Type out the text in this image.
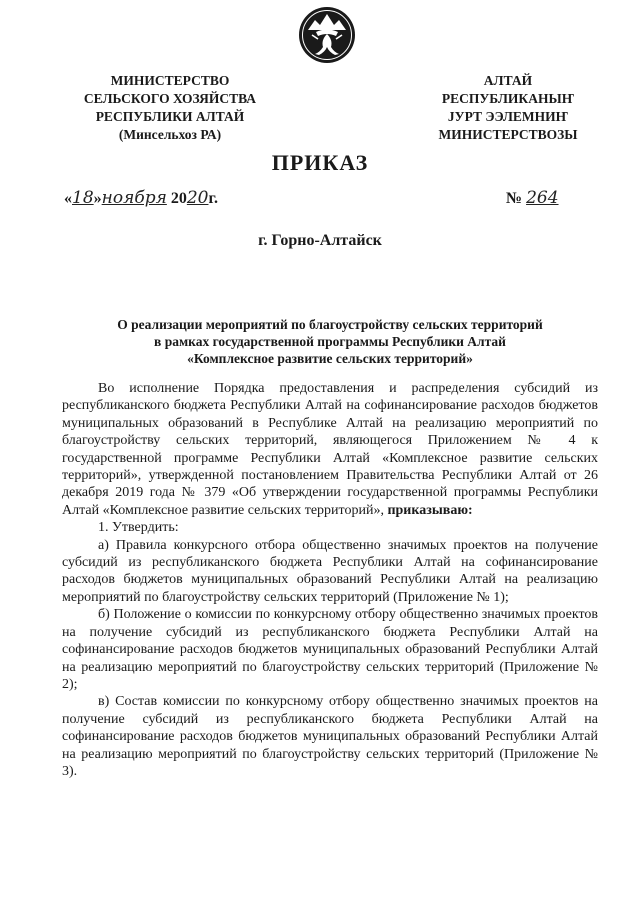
МИНИСТЕРСТВО
СЕЛЬСКОГО ХОЗЯЙСТВА
РЕСПУБЛИКИ АЛТАЙ
(Минсельхоз РА)
АЛТАЙ
РЕСПУБЛИКАНЫҤ
ЈУРТ ЭЭЛЕМНИҤ
МИНИСТЕРСТВОЗЫ
ПРИКАЗ
«18»ноября 2020г.	№ 264
г. Горно-Алтайск
О реализации мероприятий по благоустройству сельских территорий
в рамках государственной программы Республики Алтай
«Комплексное развитие сельских территорий»

Во исполнение Порядка предоставления и распределения субсидий из республиканского бюджета Республики Алтай на софинансирование расходов бюджетов муниципальных образований в Республике Алтай на реализацию мероприятий по благоустройству сельских территорий, являющегося Приложением № 4 к государственной программе Республики Алтай «Комплексное развитие сельских территорий», утвержденной постановлением Правительства Республики Алтай от 26 декабря 2019 года № 379 «Об утверждении государственной программы Республики Алтай «Комплексное развитие сельских территорий», приказываю:

1. Утвердить:

а) Правила конкурсного отбора общественно значимых проектов на получение субсидий из республиканского бюджета Республики Алтай на софинансирование расходов бюджетов муниципальных образований Республики Алтай на реализацию мероприятий по благоустройству сельских территорий (Приложение № 1);

б) Положение о комиссии по конкурсному отбору общественно значимых проектов на получение субсидий из республиканского бюджета Республики Алтай на софинансирование расходов бюджетов муниципальных образований Республики Алтай на реализацию мероприятий по благоустройству сельских территорий (Приложение № 2);

в) Состав комиссии по конкурсному отбору общественно значимых проектов на получение субсидий из республиканского бюджета Республики Алтай на софинансирование расходов бюджетов муниципальных образований Республики Алтай на реализацию мероприятий по благоустройству сельских территорий (Приложение № 3).
